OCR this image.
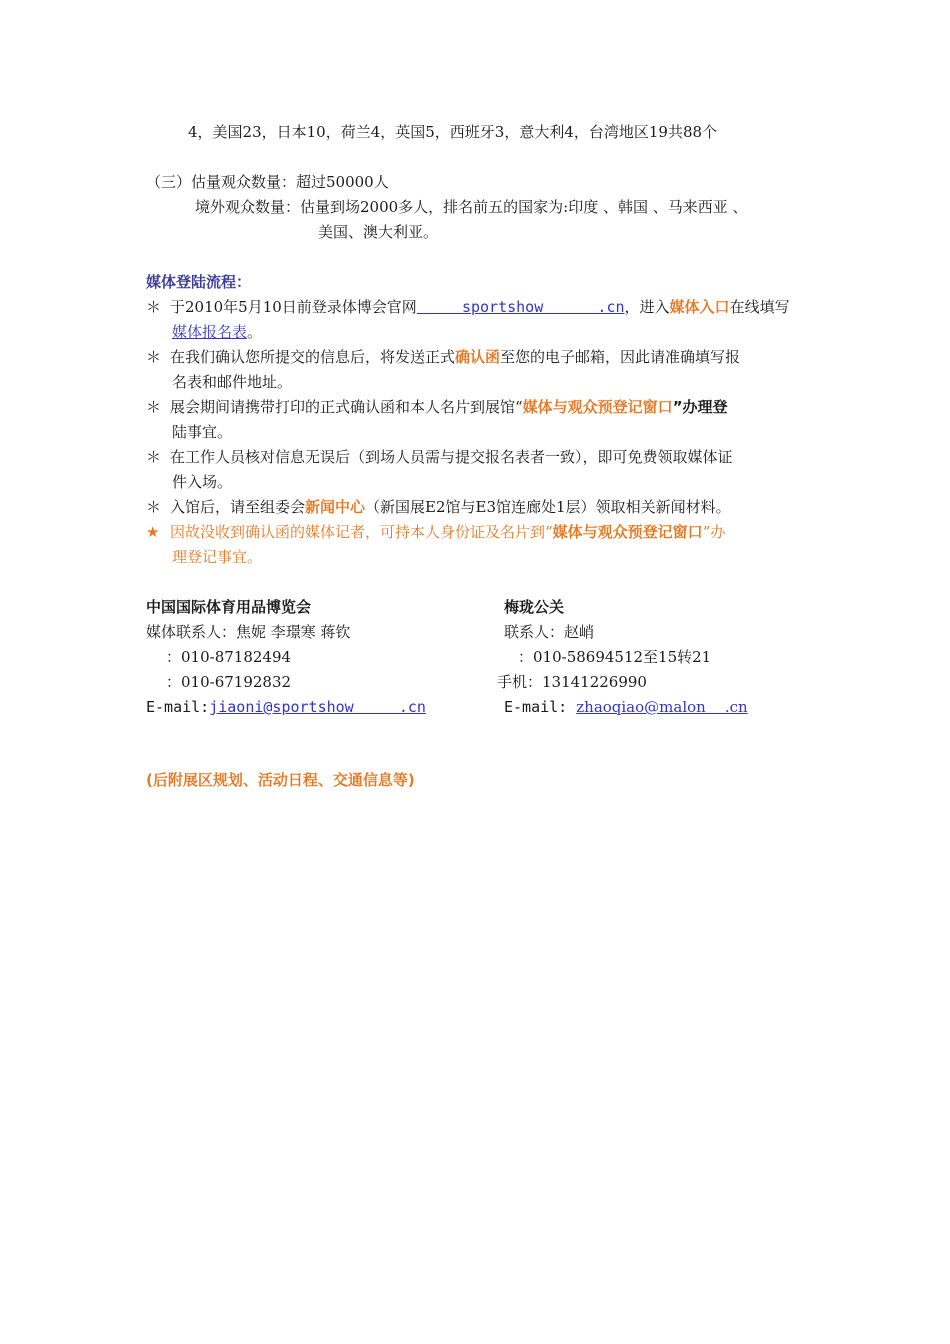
4，美国23，日本10，荷兰4，英国5，西班牙3，意大利4，台湾地区19共88个
（三）估量观众数量：超过50000人
境外观众数量：估量到场2000多人，排名前五的国家为:印度 、韩国 、马来西亚 、
美国、澳大利亚。
媒体登陆流程：
＊ 于2010年5月10日前登录体博会官网     sportshow      .cn，进入媒体入口在线填写
媒体报名表。
＊ 在我们确认您所提交的信息后，将发送正式确认函至您的电子邮箱，因此请准确填写报
名表和邮件地址。
＊ 展会期间请携带打印的正式确认函和本人名片到展馆“媒体与观众预登记窗口”办理登
陆事宜。
＊ 在工作人员核对信息无误后（到场人员需与提交报名表者一致），即可免费领取媒体证
件入场。
＊ 入馆后，请至组委会新闻中心（新国展E2馆与E3馆连廊处1层）领取相关新闻材料。
★ 因故没收到确认函的媒体记者，可持本人身份证及名片到“媒体与观众预登记窗口”办
理登记事宜。
中国国际体育用品博览会
媒体联系人：焦妮 李璟寒 蒋钦
：010-87182494
：010-67192832
E-mail:jiaoni@sportshow     .cn
梅珑公关
联系人：赵峭
：010-58694512至15转21
手机：13141226990
E-mail: zhaoqiao@malon    .cn
(后附展区规划、活动日程、交通信息等)
